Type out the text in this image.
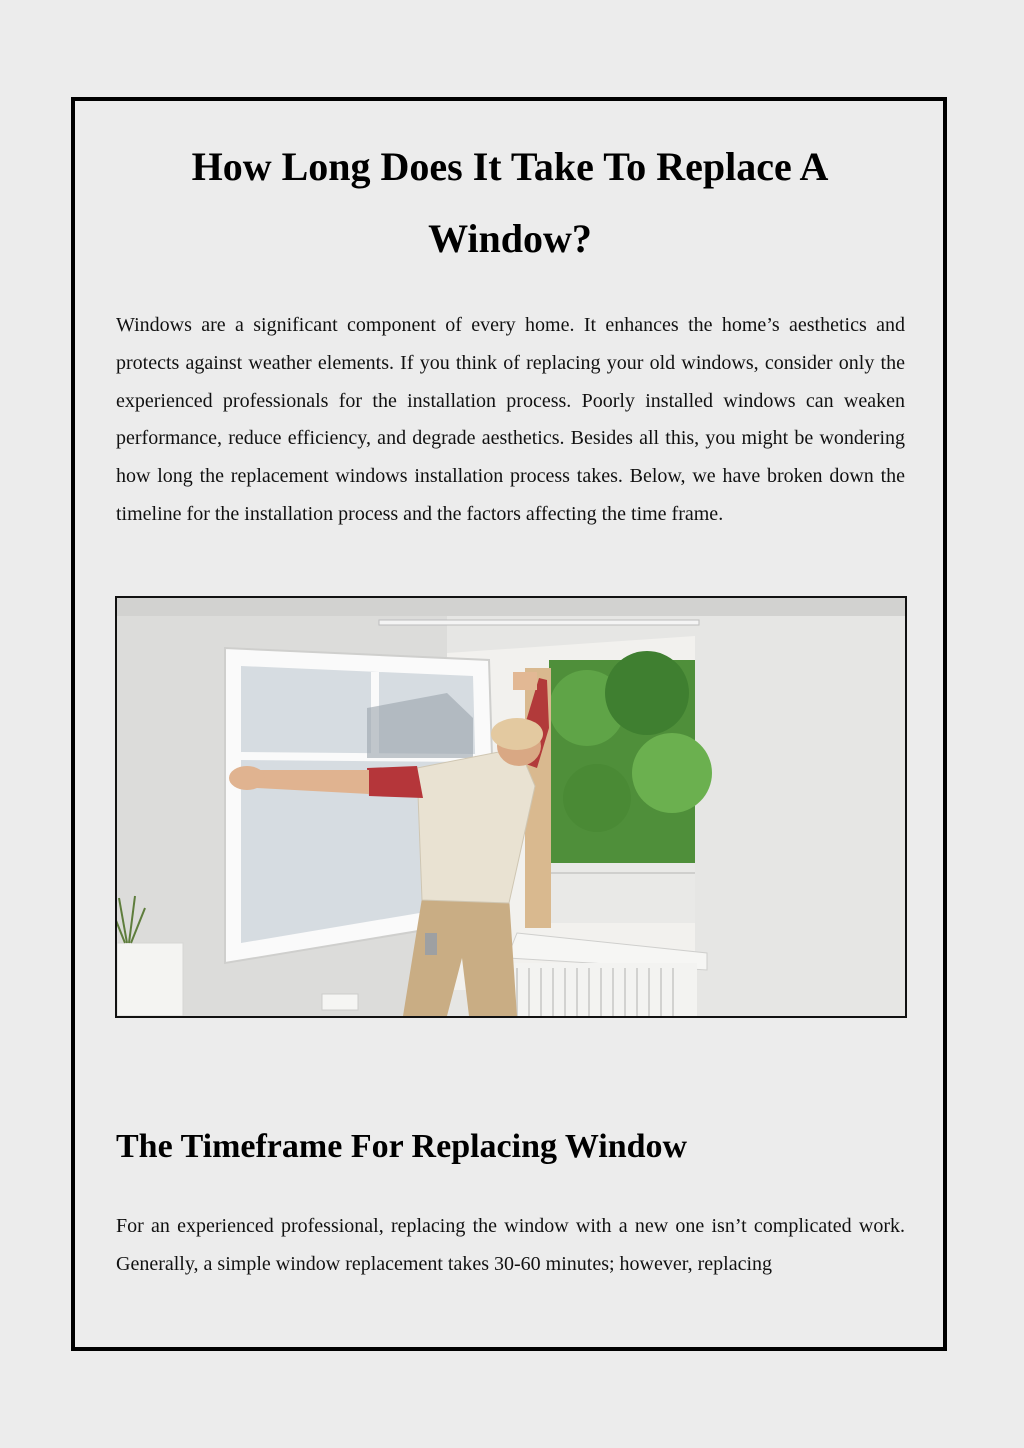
How Long Does It Take To Replace A Window?

Windows are a significant component of every home. It enhances the home’s aesthetics and protects against weather elements. If you think of replacing your old windows, consider only the experienced professionals for the installation process. Poorly installed windows can weaken performance, reduce efficiency, and degrade aesthetics. Besides all this, you might be wondering how long the replacement windows installation process takes. Below, we have broken down the timeline for the installation process and the factors affecting the time frame.

The Timeframe For Replacing Window

For an experienced professional, replacing the window with a new one isn’t complicated work. Generally, a simple window replacement takes 30-60 minutes; however, replacing
